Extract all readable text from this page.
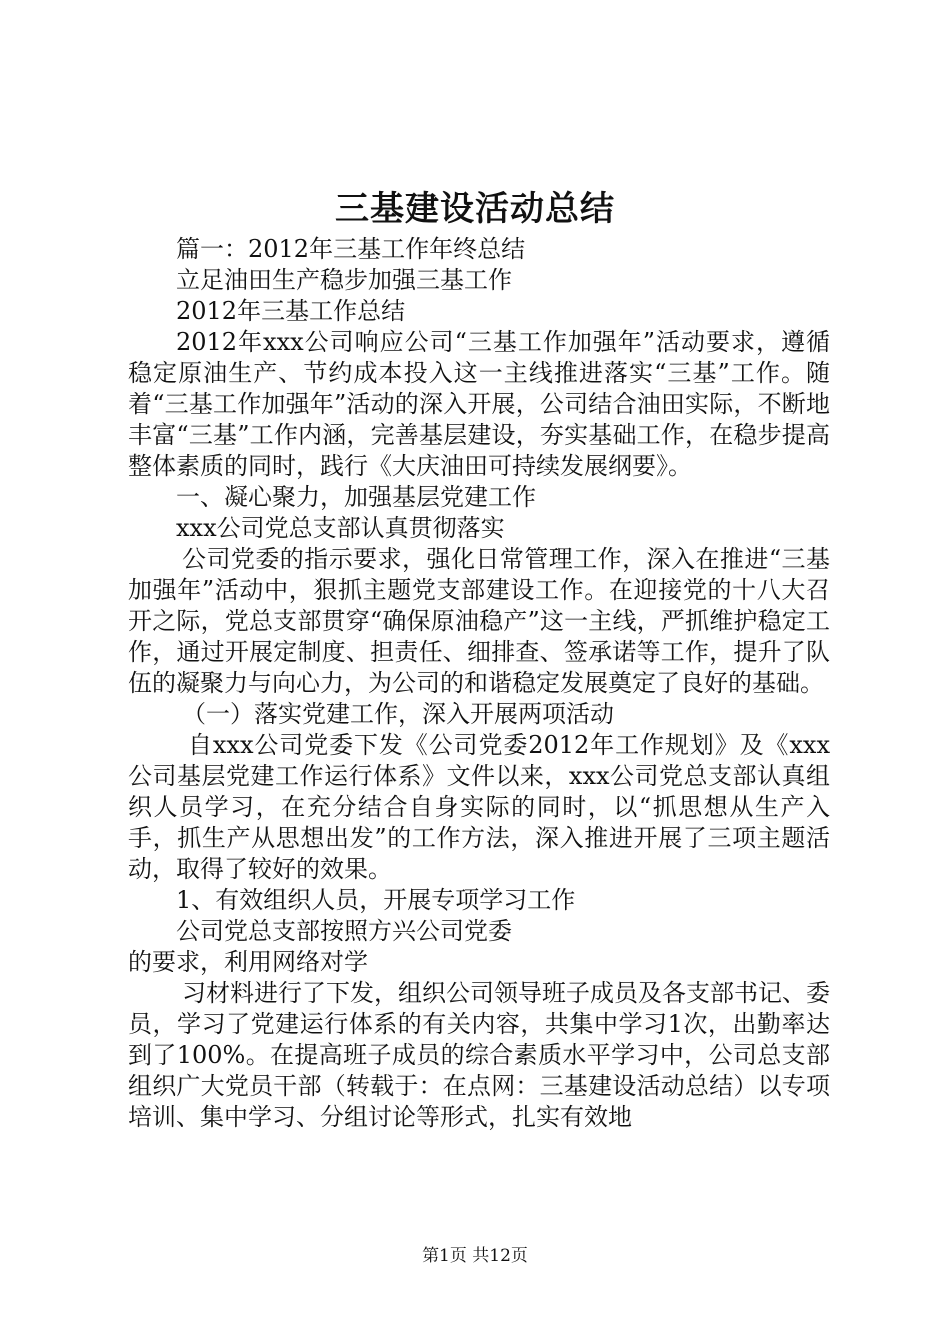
三基建设活动总结

篇一：2012年三基工作年终总结

立足油田生产稳步加强三基工作

2012年三基工作总结

2012年xxx公司响应公司“三基工作加强年”活动要求，遵循稳定原油生产、节约成本投入这一主线推进落实“三基”工作。随着“三基工作加强年”活动的深入开展，公司结合油田实际，不断地丰富“三基”工作内涵，完善基层建设，夯实基础工作，在稳步提高整体素质的同时，践行《大庆油田可持续发展纲要》。

一、凝心聚力，加强基层党建工作

xxx公司党总支部认真贯彻落实

公司党委的指示要求，强化日常管理工作，深入在推进“三基加强年”活动中，狠抓主题党支部建设工作。在迎接党的十八大召开之际，党总支部贯穿“确保原油稳产”这一主线，严抓维护稳定工作，通过开展定制度、担责任、细排查、签承诺等工作，提升了队伍的凝聚力与向心力，为公司的和谐稳定发展奠定了良好的基础。

（一）落实党建工作，深入开展两项活动

自xxx公司党委下发《公司党委2012年工作规划》及《xxx公司基层党建工作运行体系》文件以来，xxx公司党总支部认真组织人员学习，在充分结合自身实际的同时，以“抓思想从生产入手，抓生产从思想出发”的工作方法，深入推进开展了三项主题活动，取得了较好的效果。

1、有效组织人员，开展专项学习工作

公司党总支部按照方兴公司党委

的要求，利用网络对学

习材料进行了下发，组织公司领导班子成员及各支部书记、委员，学习了党建运行体系的有关内容，共集中学习1次，出勤率达到了100%。在提高班子成员的综合素质水平学习中，公司总支部组织广大党员干部（转载于：在点网：三基建设活动总结）以专项培训、集中学习、分组讨论等形式，扎实有效地

第1页 共12页
